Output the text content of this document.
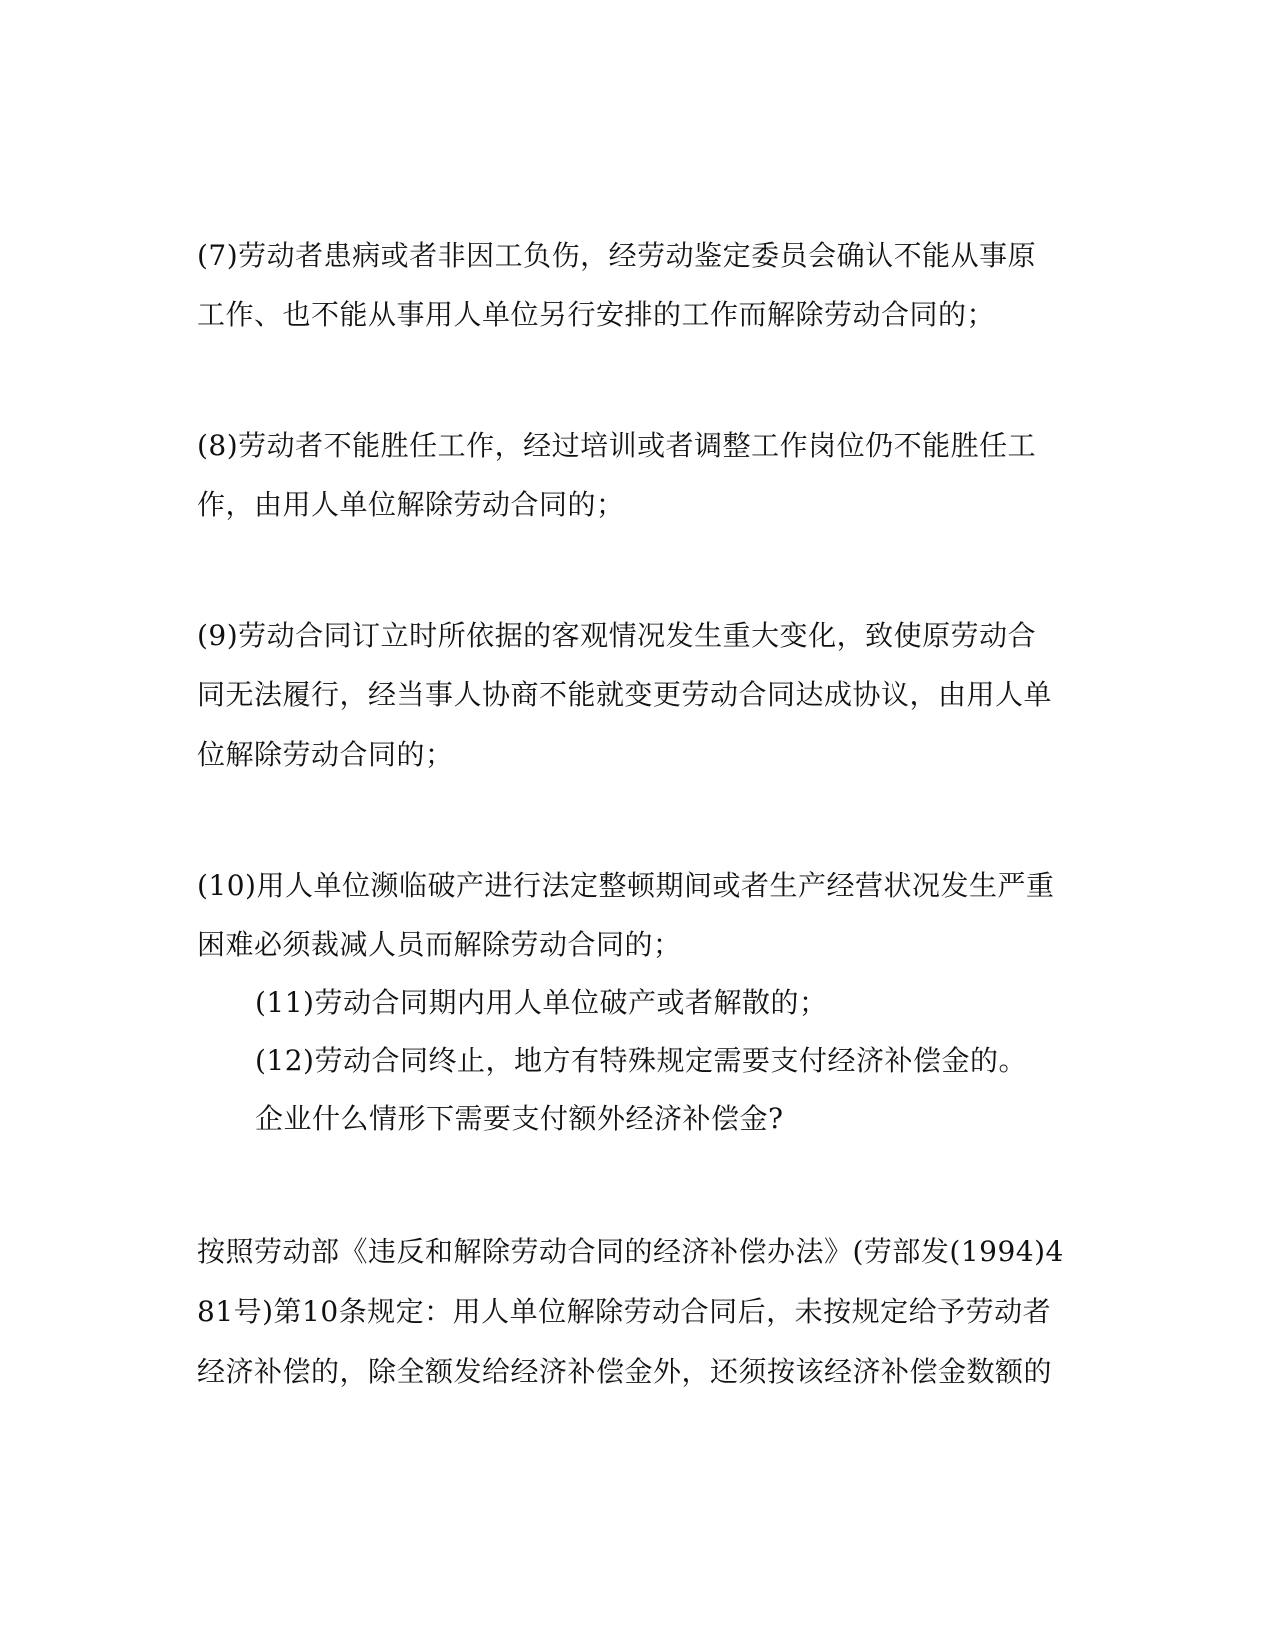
(7)劳动者患病或者非因工负伤，经劳动鉴定委员会确认不能从事原
工作、也不能从事用人单位另行安排的工作而解除劳动合同的；
(8)劳动者不能胜任工作，经过培训或者调整工作岗位仍不能胜任工
作，由用人单位解除劳动合同的；
(9)劳动合同订立时所依据的客观情况发生重大变化，致使原劳动合
同无法履行，经当事人协商不能就变更劳动合同达成协议，由用人单
位解除劳动合同的；
(10)用人单位濒临破产进行法定整顿期间或者生产经营状况发生严重
困难必须裁减人员而解除劳动合同的；
(11)劳动合同期内用人单位破产或者解散的；
(12)劳动合同终止，地方有特殊规定需要支付经济补偿金的。
企业什么情形下需要支付额外经济补偿金?
按照劳动部《违反和解除劳动合同的经济补偿办法》(劳部发(1994)4
81号)第10条规定：用人单位解除劳动合同后，未按规定给予劳动者
经济补偿的，除全额发给经济补偿金外，还须按该经济补偿金数额的
